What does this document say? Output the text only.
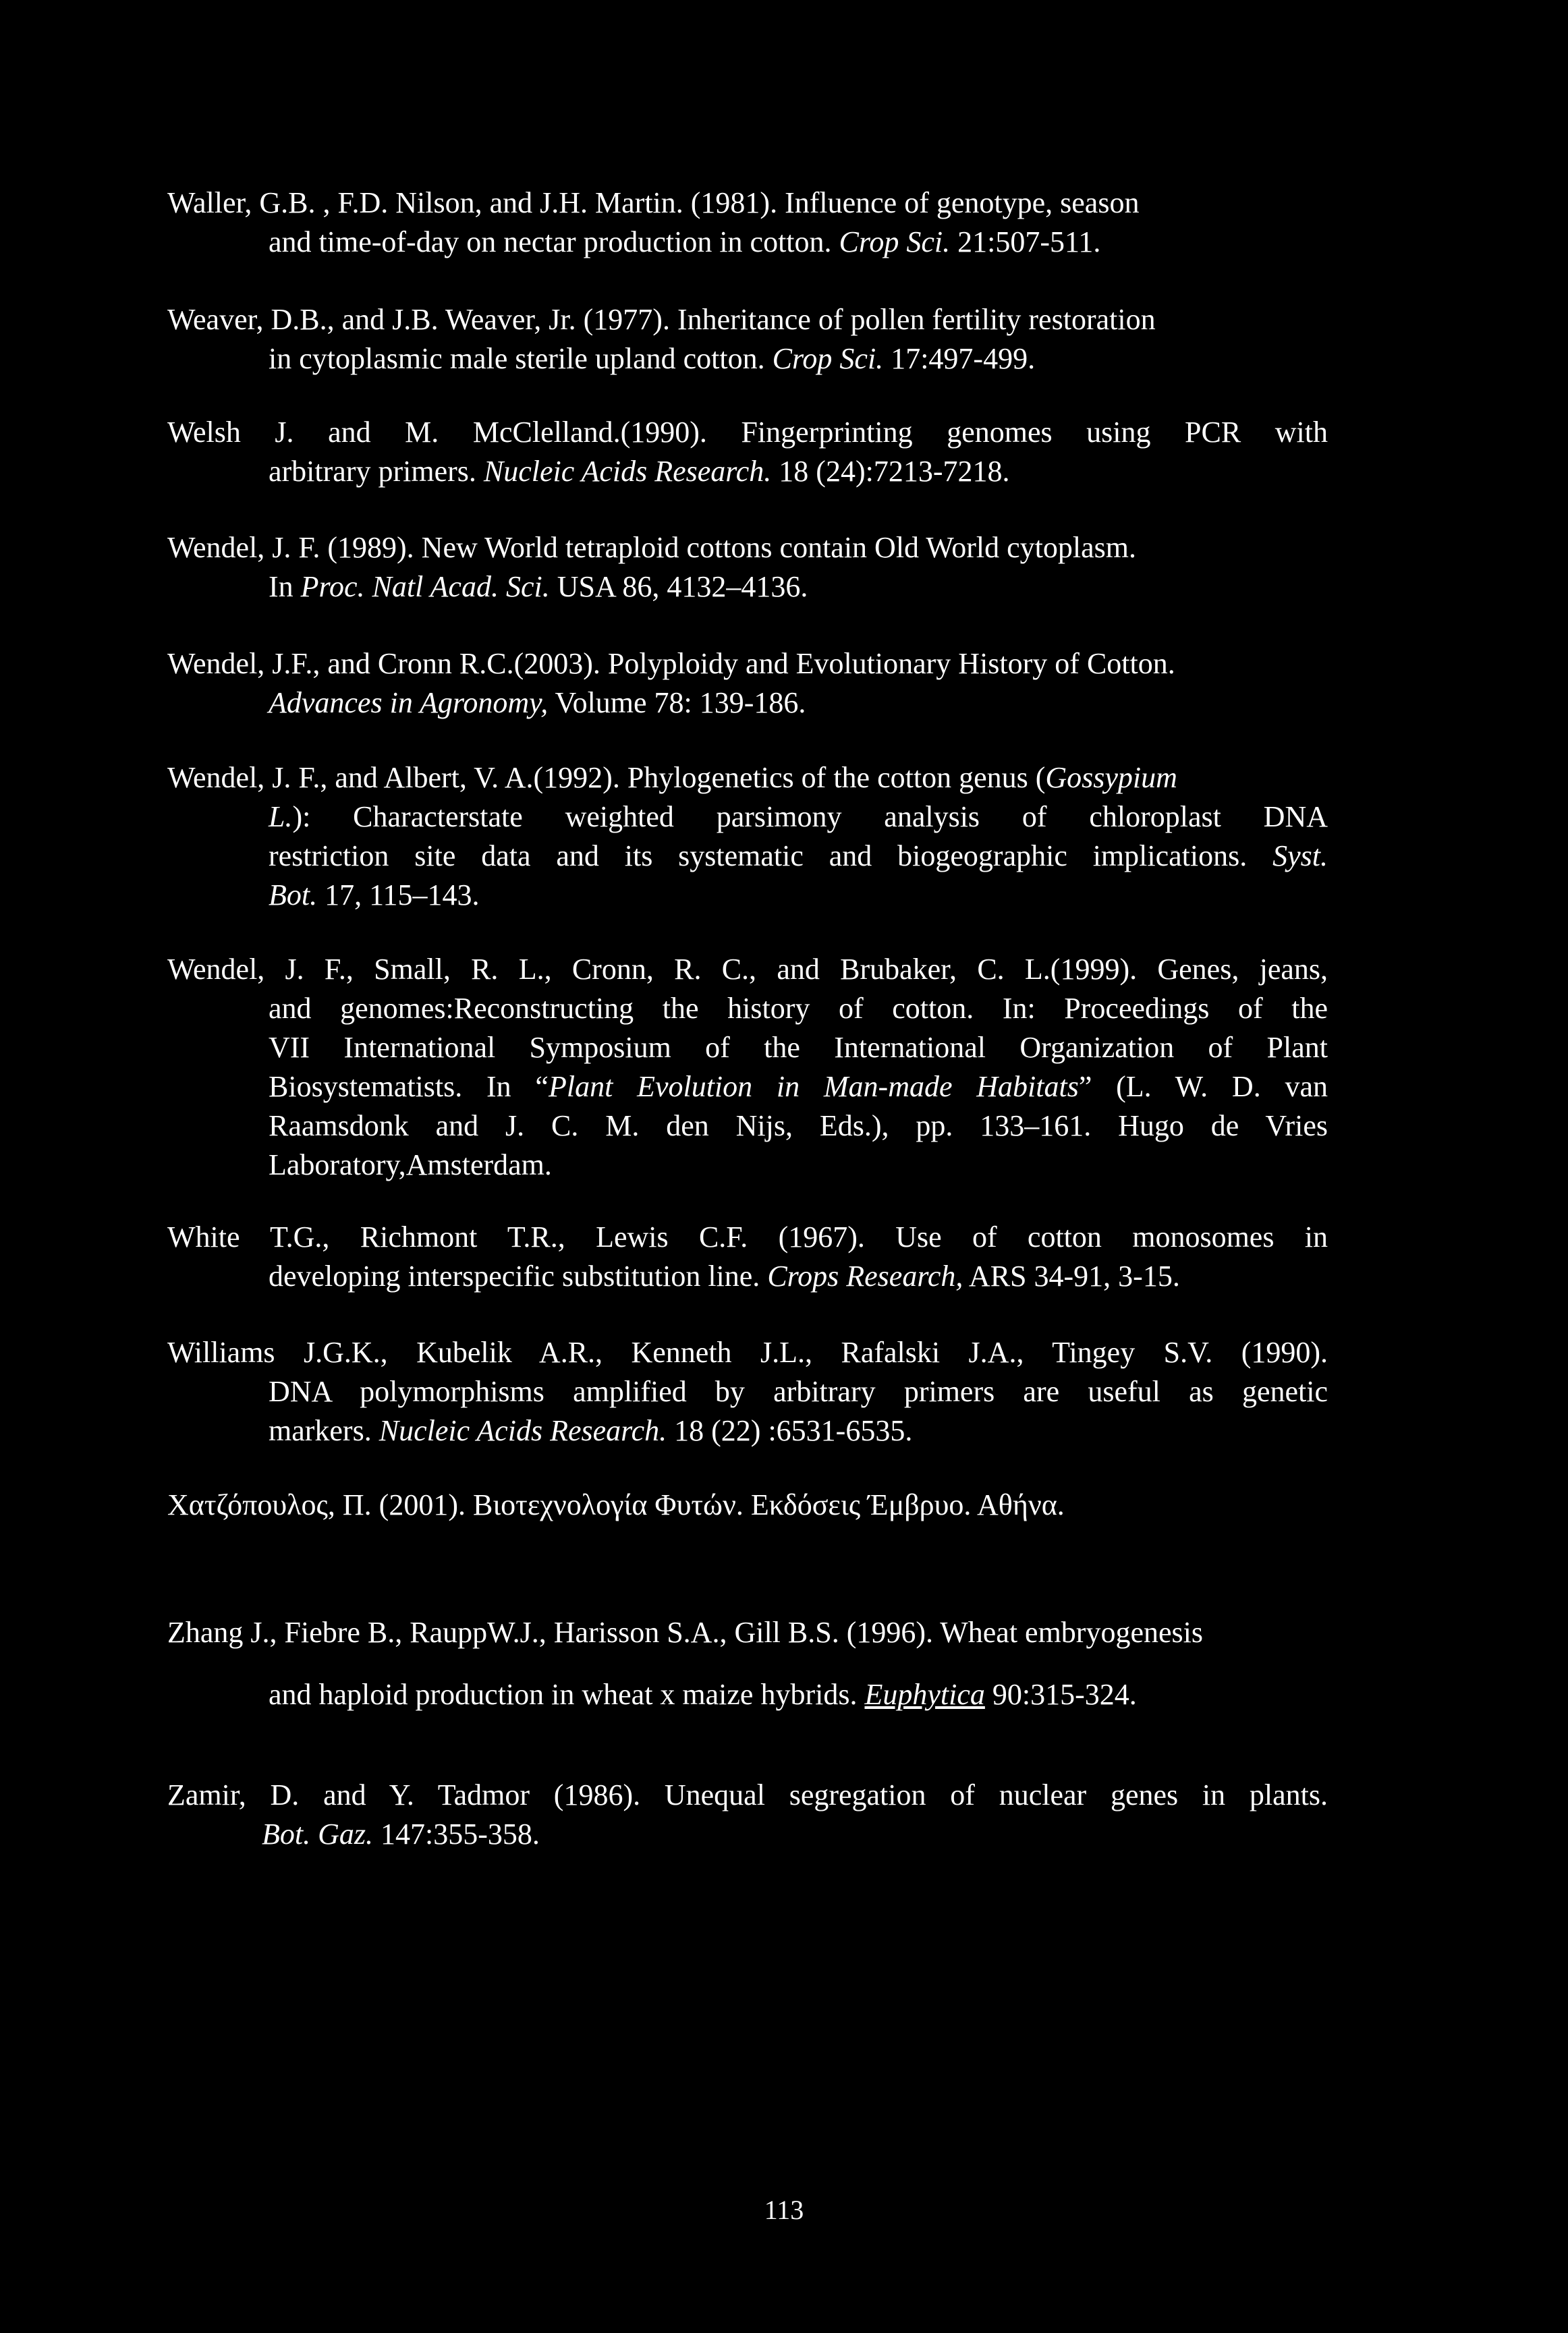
Waller, G.B. , F.D. Nilson, and J.H. Martin. (1981). Influence of genotype, season
and time-of-day on nectar production in cotton. Crop Sci. 21:507-511.
Weaver, D.B., and J.B. Weaver, Jr. (1977). Inheritance of pollen fertility restoration
in cytoplasmic male sterile upland cotton. Crop Sci. 17:497-499.
Welsh J. and M. McClelland.(1990). Fingerprinting genomes using PCR with
arbitrary primers. Nucleic Acids Research. 18 (24):7213-7218.
Wendel, J. F. (1989). New World tetraploid cottons contain Old World cytoplasm.
In Proc. Natl Acad. Sci. USA 86, 4132–4136.
Wendel, J.F., and Cronn R.C.(2003). Polyploidy and Evolutionary History of Cotton.
Advances in Agronomy, Volume 78: 139-186.
Wendel, J. F., and Albert, V. A.(1992). Phylogenetics of the cotton genus (Gossypium
L.): Characterstate weighted parsimony analysis of chloroplast DNA
restriction site data and its systematic and biogeographic implications. Syst.
Bot. 17, 115–143.
Wendel, J. F., Small, R. L., Cronn, R. C., and Brubaker, C. L.(1999). Genes, jeans,
and genomes:Reconstructing the history of cotton. In: Proceedings of the
VII International Symposium of the International Organization of Plant
Biosystematists. In “Plant Evolution in Man-made Habitats” (L. W. D. van
Raamsdonk and J. C. M. den Nijs, Eds.), pp. 133–161. Hugo de Vries
Laboratory,Amsterdam.
White T.G., Richmont T.R., Lewis C.F. (1967). Use of cotton monosomes in
developing interspecific substitution line. Crops Research, ARS 34-91, 3-15.
Williams J.G.K., Kubelik A.R., Kenneth J.L., Rafalski J.A., Tingey S.V. (1990).
DNA polymorphisms amplified by arbitrary primers are useful as genetic
markers. Nucleic Acids Research. 18 (22) :6531-6535.
Χατζόπουλος, Π. (2001). Βιοτεχνολογία Φυτών. Εκδόσεις Έμβρυο. Αθήνα.
Zhang J., Fiebre B., RauppW.J., Harisson S.A., Gill B.S. (1996). Wheat embryogenesis
and haploid production in wheat x maize hybrids. Euphytica 90:315-324.
Zamir, D. and Y. Tadmor (1986). Unequal segregation of nuclear genes in plants.
Bot. Gaz. 147:355-358.
113
